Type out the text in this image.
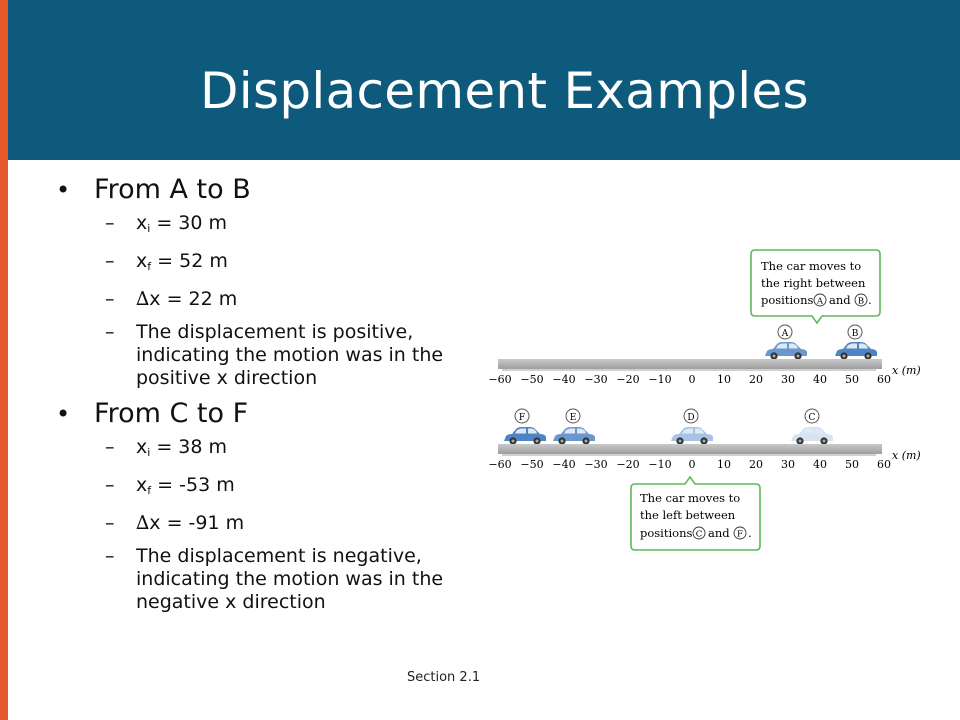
Displacement Examples
• From A to B
– $x_i = 30$ m
– $x_f = 52$ m
– ∆x = 22 m
– The displacement is positive, indicating the motion was in the positive x direction
• From C to F
– $x_i = 38$ m
– $x_f = -53$ m
– ∆x = -91 m
– The displacement is negative, indicating the motion was in the negative x direction
The car moves to
the right between
positions A and B .
A	B
−60 −50 −40 −30 −20 −10 0 10 20 30 40 50 60
x (m)
F	E	D	C
−60 −50 −40 −30 −20 −10 0 10 20 30 40 50 60
x (m)
The car moves to
the left between
positions C and F .
Section 2.1
